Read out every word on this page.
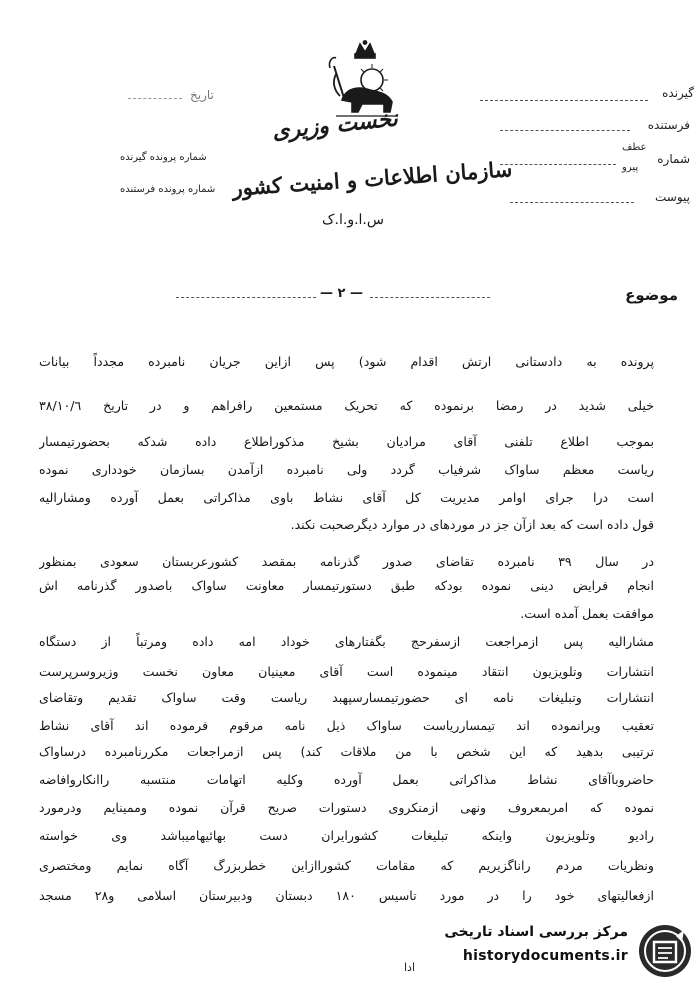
گیرنده
فرستنده
شماره
عطف
پیرو
پیوست
تاریخ
شماره پرونده گیرنده
شماره پرونده فرستنده
نخست وزیری
سازمان اطلاعات و امنیت کشور
س.ا.و.ا.ک
موضوع
— ٢ —
پرونده به دادستانی ارتش اقدام شود) پس ازاین جریان نامبرده مجدداً بیانات
خیلی شدید در رمضا برنموده که تحریک مستمعین رافراهم و در تاریخ ٣٨/١٠/٦
بموجب اطلاع تلفنی آقای مرادیان بشیخ مذکوراطلاع داده شدکه بحضورتیمسار
ریاست معظم ساواک شرفیاب گردد ولی نامبرده ازآمدن بسازمان خودداری نموده
است درا جرای اوامر مدیریت کل آقای نشاط باوی مذاکراتی بعمل آورده ومشارالیه
قول داده است که بعد ازآن جز در موردهای در موارد دیگرصحبت نکند.
در سال ٣٩ نامبرده تقاضای صدور گذرنامه بمقصد کشورعربستان سعودی بمنظور
انجام فرایض دینی نموده بودکه طبق دستورتیمسار معاونت ساواک باصدور گذرنامه اش
موافقت بعمل آمده است.
مشارالیه پس ازمراجعت ازسفرحج بگفتارهای خوداد امه داده ومرتباً از دستگاه
انتشارات وتلویزیون انتقاد مینموده است آقای معینیان معاون نخست وزیروسرپرست
انتشارات وتبلیغات نامه ای حضورتیمسارسپهبد ریاست وقت ساواک تقدیم وتقاضای
تعقیب ویرانموده اند تیمسارریاست ساواک ذیل نامه مرقوم فرموده اند آقای نشاط
ترتیبی بدهید که این شخص با من ملاقات کند) پس ازمراجعات مکررنامبرده درساواک
حاضروباآقای نشاط مذاکراتی بعمل آورده وکلیه اتهامات منتسبه راانکاروافاضه
نموده که امربمعروف ونهی ازمنکروی دستورات صریح قرآن نموده وممینایم ودرمورد
رادیو وتلویزیون واینکه تبلیغات کشورایران دست بهائیهامیباشد وی خواسته
ونظریات مردم راناگزیریم که مقامات کشوراازاین خطربزرگ آگاه نمایم ومختصری
ازفعالیتهای خود را در مورد تاسیس ١٨٠ دبستان ودبیرستان اسلامی و٢٨ مسجد
مرکز بررسی اسناد تاریخی
historydocuments.ir
ادا
